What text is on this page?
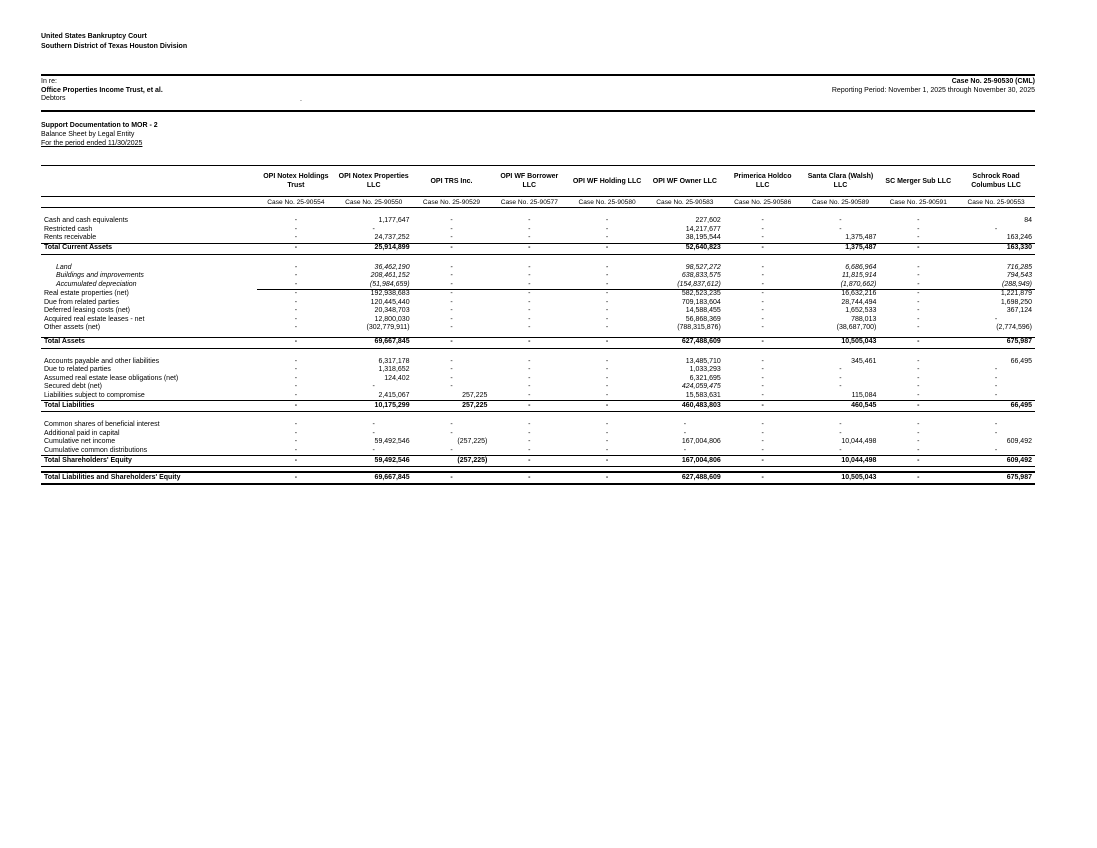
United States Bankruptcy Court
Southern District of Texas Houston Division
In re:
Office Properties Income Trust, et al.
Debtors	.
Case No. 25-90530 (CML)
Reporting Period: November 1, 2025 through November 30, 2025
Support Documentation to MOR - 2
Balance Sheet by Legal Entity
For the period ended 11/30/2025
	OPI Notex Holdings Trust	OPI Notex Properties LLC	OPI TRS Inc.	OPI WF Borrower LLC	OPI WF Holding LLC	OPI WF Owner LLC	Primerica Holdco LLC	Santa Clara (Walsh) LLC	SC Merger Sub LLC	Schrock Road Columbus LLC
	Case No. 25-90554	Case No. 25-90550	Case No. 25-90529	Case No. 25-90577	Case No. 25-90580	Case No. 25-90583	Case No. 25-90586	Case No. 25-90589	Case No. 25-90591	Case No. 25-90553

Cash and cash equivalents	-	1,177,647	-	-	-	227,602	-	-	-	84
Restricted cash	-	-	-	-	-	14,217,677	-	-	-	-
Rents receivable	-	24,737,252	-	-	-	38,195,544	-	1,375,487	-	163,246
Total Current Assets	-	25,914,899	-	-	-	52,640,823	-	1,375,487	-	163,330

Land	-	36,462,190	-	-	-	98,527,272	-	6,686,964	-	716,285
Buildings and improvements	-	208,461,152	-	-	-	638,833,575	-	11,815,914	-	794,543
Accumulated depreciation	-	(51,984,659)	-	-	-	(154,837,612)	-	(1,870,662)	-	(288,949)
Real estate properties (net)	-	192,938,683	-	-	-	582,523,235	-	16,632,216	-	1,221,879
Due from related parties	-	120,445,440	-	-	-	709,183,604	-	28,744,494	-	1,698,250
Deferred leasing costs (net)	-	20,348,703	-	-	-	14,588,455	-	1,652,533	-	367,124
Acquired real estate leases - net	-	12,800,030	-	-	-	56,868,369	-	788,013	-	-
Other assets (net)	-	(302,779,911)	-	-	-	(788,315,876)	-	(38,687,700)	-	(2,774,596)

Total Assets	-	69,667,845	-	-	-	627,488,609	-	10,505,043	-	675,987

Accounts payable and other liabilities	-	6,317,178	-	-	-	13,485,710	-	345,461	-	66,495
Due to related parties	-	1,318,652	-	-	-	1,033,293	-	-	-	-
Assumed real estate lease obligations (net)	-	124,402	-	-	-	6,321,695	-	-	-	-
Secured debt (net)	-	-	-	-	-	424,059,475	-	-	-	-
Liabilities subject to compromise	-	2,415,067	257,225	-	-	15,583,631	-	115,084	-	-
Total Liabilities	-	10,175,299	257,225	-	-	460,483,803	-	460,545	-	66,495

Common shares of beneficial interest	-	-	-	-	-	-	-	-	-	-
Additional paid in capital	-	-	-	-	-	-	-	-	-	-
Cumulative net income	-	59,492,546	(257,225)	-	-	167,004,806	-	10,044,498	-	609,492
Cumulative common distributions	-	-	-	-	-	-	-	-	-	-
Total Shareholders' Equity	-	59,492,546	(257,225)	-	-	167,004,806	-	10,044,498	-	609,492

Total Liabilities and Shareholders' Equity	-	69,667,845	-	-	-	627,488,609	-	10,505,043	-	675,987
